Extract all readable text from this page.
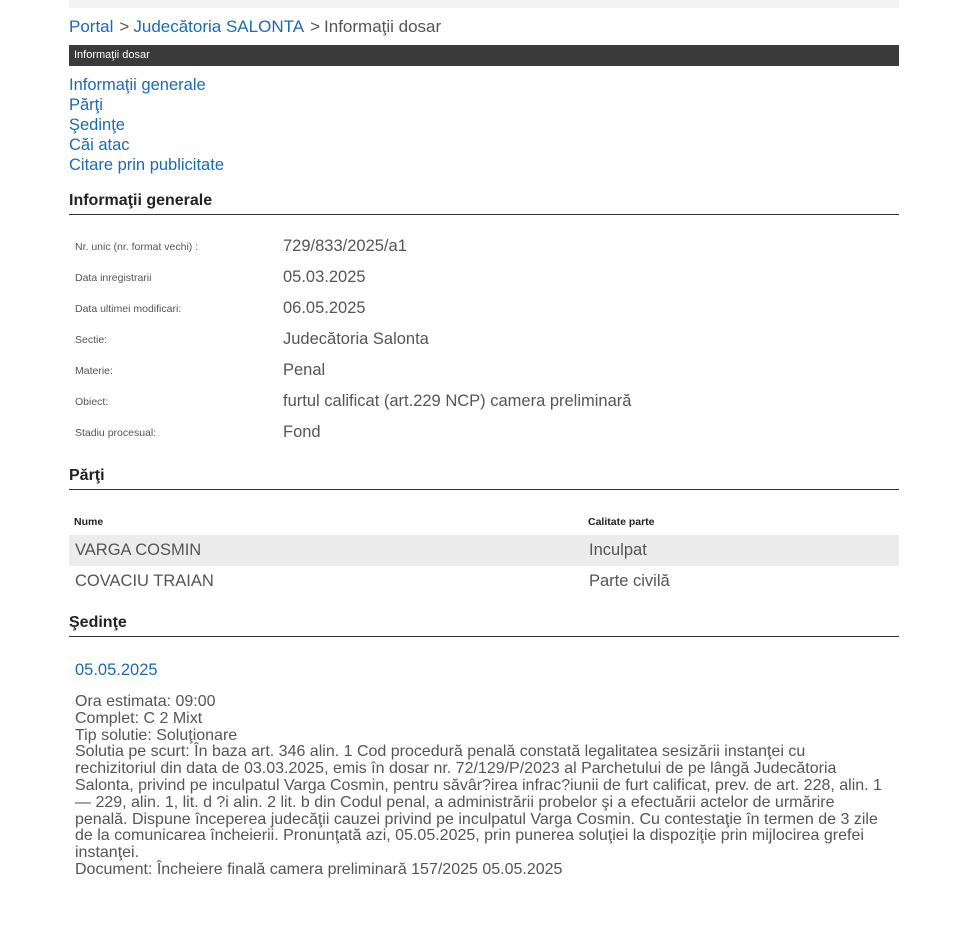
Portal > Judecătoria SALONTA > Informaţii dosar
Informaţii dosar
Informaţii generale
Părţi
Şedinţe
Căi atac
Citare prin publicitate
Informaţii generale
Nr. unic (nr. format vechi) :	729/833/2025/a1
Data inregistrarii	05.03.2025
Data ultimei modificari:	06.05.2025
Sectie:	Judecătoria Salonta
Materie:	Penal
Obiect:	furtul calificat (art.229 NCP) camera preliminară
Stadiu procesual:	Fond
Părţi
Nume	Calitate parte
VARGA COSMIN	Inculpat
COVACIU TRAIAN	Parte civilă
Şedinţe
05.05.2025
Ora estimata: 09:00
Complet: C 2 Mixt
Tip solutie: Soluţionare
Solutia pe scurt: În baza art. 346 alin. 1 Cod procedură penală constată legalitatea sesizării instanţei cu rechizitoriul din data de 03.03.2025, emis în dosar nr. 72/129/P/2023 al Parchetului de pe lângă Judecătoria Salonta, privind pe inculpatul Varga Cosmin, pentru săvâr?irea infrac?iunii de furt calificat, prev. de art. 228, alin. 1— 229, alin. 1, lit. d ?i alin. 2 lit. b din Codul penal, a administrării probelor şi a efectuării actelor de urmărire penală. Dispune începerea judecăţii cauzei privind pe inculpatul Varga Cosmin. Cu contestaţie în termen de 3 zile de la comunicarea încheierii. Pronunţată azi, 05.05.2025, prin punerea soluţiei la dispoziţie prin mijlocirea grefei instanţei.
Document: Încheiere finală camera preliminară 157/2025 05.05.2025
